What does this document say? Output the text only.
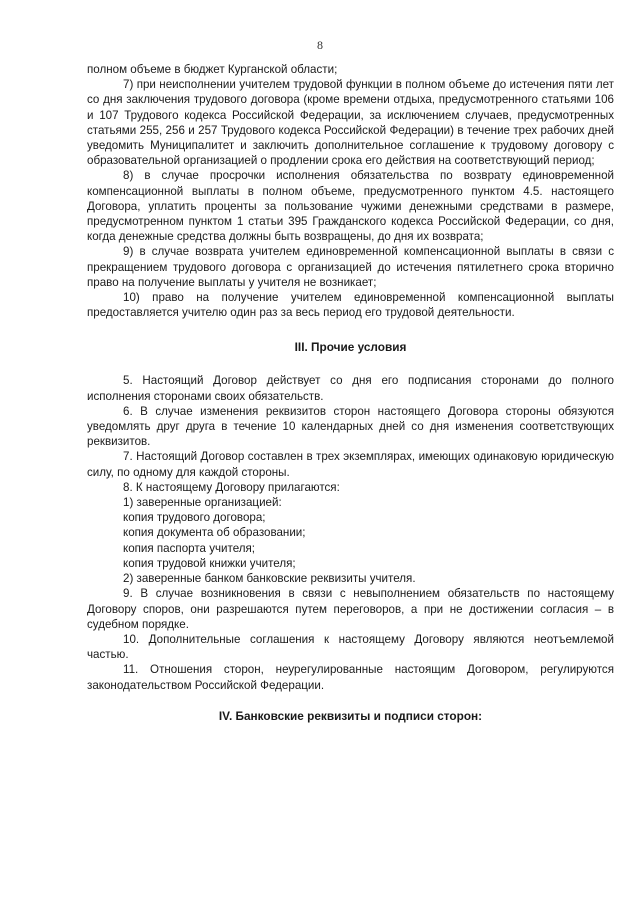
8

полном объеме в бюджет Курганской области;

7) при неисполнении учителем трудовой функции в полном объеме до истечения пяти лет со дня заключения трудового договора (кроме времени отдыха, предусмотренного статьями 106 и 107 Трудового кодекса Российской Федерации, за исключением случаев, предусмотренных статьями 255, 256 и 257 Трудового кодекса Российской Федерации) в течение трех рабочих дней уведомить Муниципалитет и заключить дополнительное соглашение к трудовому договору с образовательной организацией о продлении срока его действия на соответствующий период;

8) в случае просрочки исполнения обязательства по возврату единовременной компенсационной выплаты в полном объеме, предусмотренного пунктом 4.5. настоящего Договора, уплатить проценты за пользование чужими денежными средствами в размере, предусмотренном пунктом 1 статьи 395 Гражданского кодекса Российской Федерации, со дня, когда денежные средства должны быть возвращены, до дня их возврата;

9) в случае возврата учителем единовременной компенсационной выплаты в связи с прекращением трудового договора с организацией до истечения пятилетнего срока вторично право на получение выплаты у учителя не возникает;

10) право на получение учителем единовременной компенсационной выплаты предоставляется учителю один раз за весь период его трудовой деятельности.

III. Прочие условия

5. Настоящий Договор действует со дня его подписания сторонами до полного исполнения сторонами своих обязательств.

6. В случае изменения реквизитов сторон настоящего Договора стороны обязуются уведомлять друг друга в течение 10 календарных дней со дня изменения соответствующих реквизитов.

7. Настоящий Договор составлен в трех экземплярах, имеющих одинаковую юридическую силу, по одному для каждой стороны.

8. К настоящему Договору прилагаются:

1) заверенные организацией:

копия трудового договора;

копия документа об образовании;

копия паспорта учителя;

копия трудовой книжки учителя;

2) заверенные банком банковские реквизиты учителя.

9. В случае возникновения в связи с невыполнением обязательств по настоящему Договору споров, они разрешаются путем переговоров, а при не достижении согласия – в судебном порядке.

10. Дополнительные соглашения к настоящему Договору являются неотъемлемой частью.

11. Отношения сторон, неурегулированные настоящим Договором, регулируются законодательством Российской Федерации.

IV. Банковские реквизиты и подписи сторон:
